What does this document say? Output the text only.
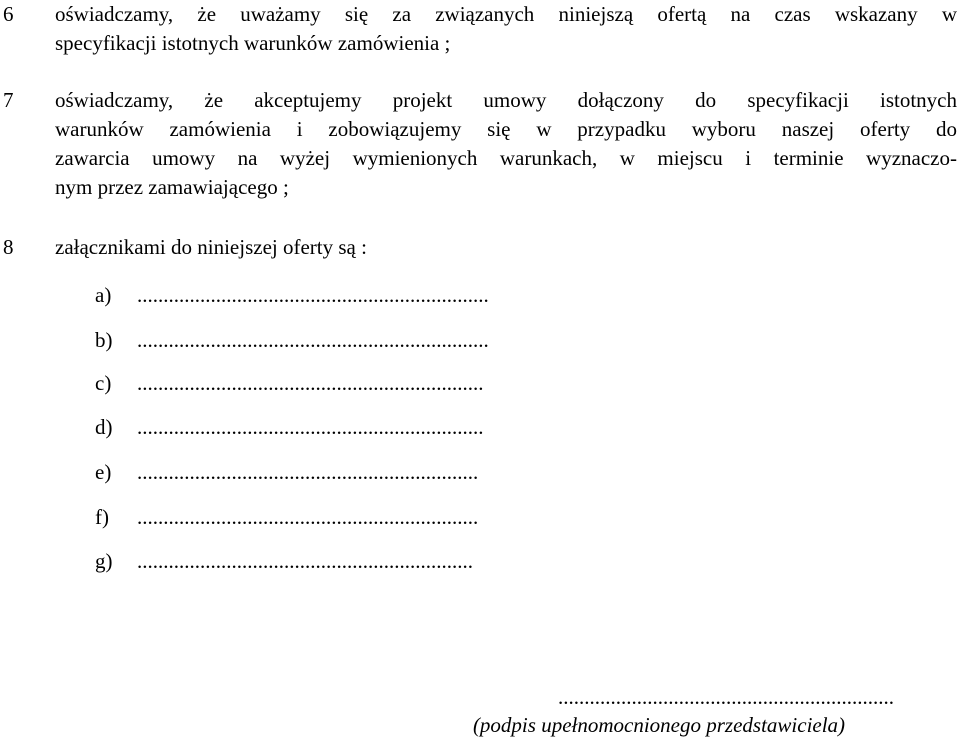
6 oświadczamy, że uważamy się za związanych niniejszą ofertą na czas wskazany w
specyfikacji istotnych warunków zamówienia ;

7 oświadczamy, że akceptujemy projekt umowy dołączony do specyfikacji istotnych
warunków zamówienia i zobowiązujemy się w przypadku wyboru naszej oferty do
zawarcia umowy na wyżej wymienionych warunkach, w miejscu i terminie wyznaczo-
nym przez zamawiającego ;

8 załącznikami do niniejszej oferty są :

a) ...................................................................
b) ...................................................................
c) ..................................................................
d) ..................................................................
e) .................................................................
f) .................................................................
g) ................................................................
................................................................
(podpis upełnomocnionego przedstawiciela)
